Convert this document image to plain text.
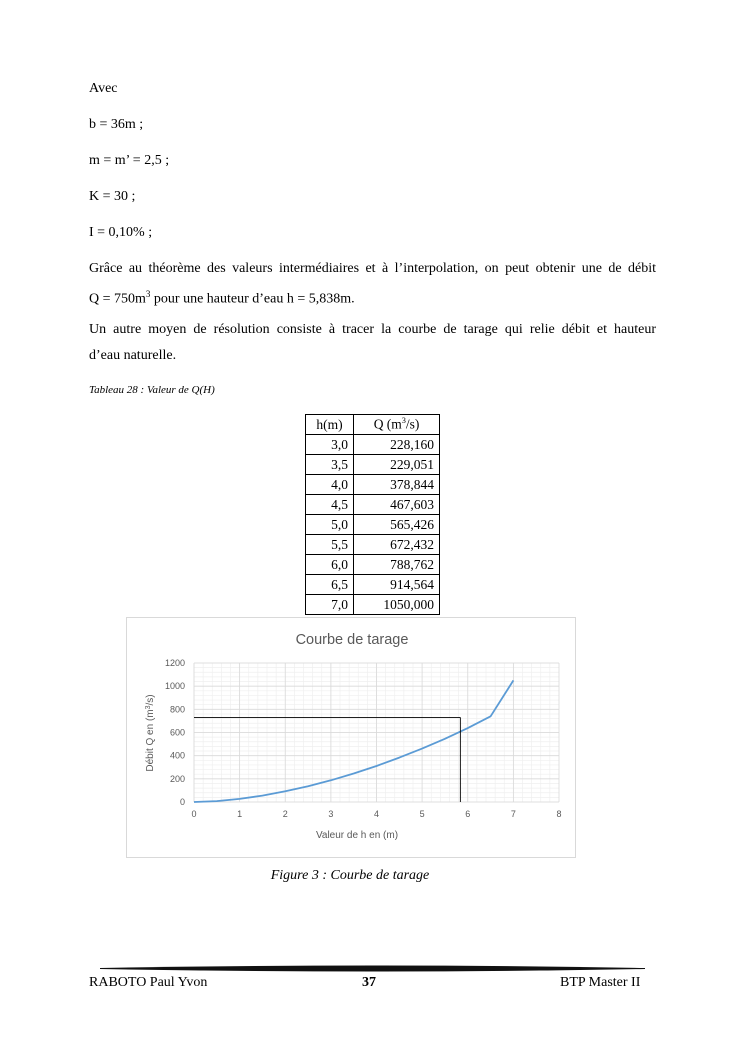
Avec
b = 36m ;
m = m’ = 2,5 ;
K = 30 ;
I = 0,10% ;
Grâce au théorème des valeurs intermédiaires et à l’interpolation, on peut obtenir une de débit
$Q = 750m^3$ pour une hauteur d’eau h = 5,838m.
Un autre moyen de résolution consiste à tracer la courbe de tarage qui relie débit et hauteur
d’eau naturelle.
Tableau 28 : Valeur de Q(H)
h(m)	Q $(m^3/s)$
3,0	228,160
3,5	229,051
4,0	378,844
4,5	467,603
5,0	565,426
5,5	672,432
6,0	788,762
6,5	914,564
7,0	1050,000
Courbe de tarage
0	1	2	3	4	5	6	7	8
0
200
400
600
800
1000
1200
Valeur de h en (m)
Débit Q en $(m^3/s)$
Figure 3 : Courbe de tarage
RABOTO Paul Yvon	37	BTP Master II
